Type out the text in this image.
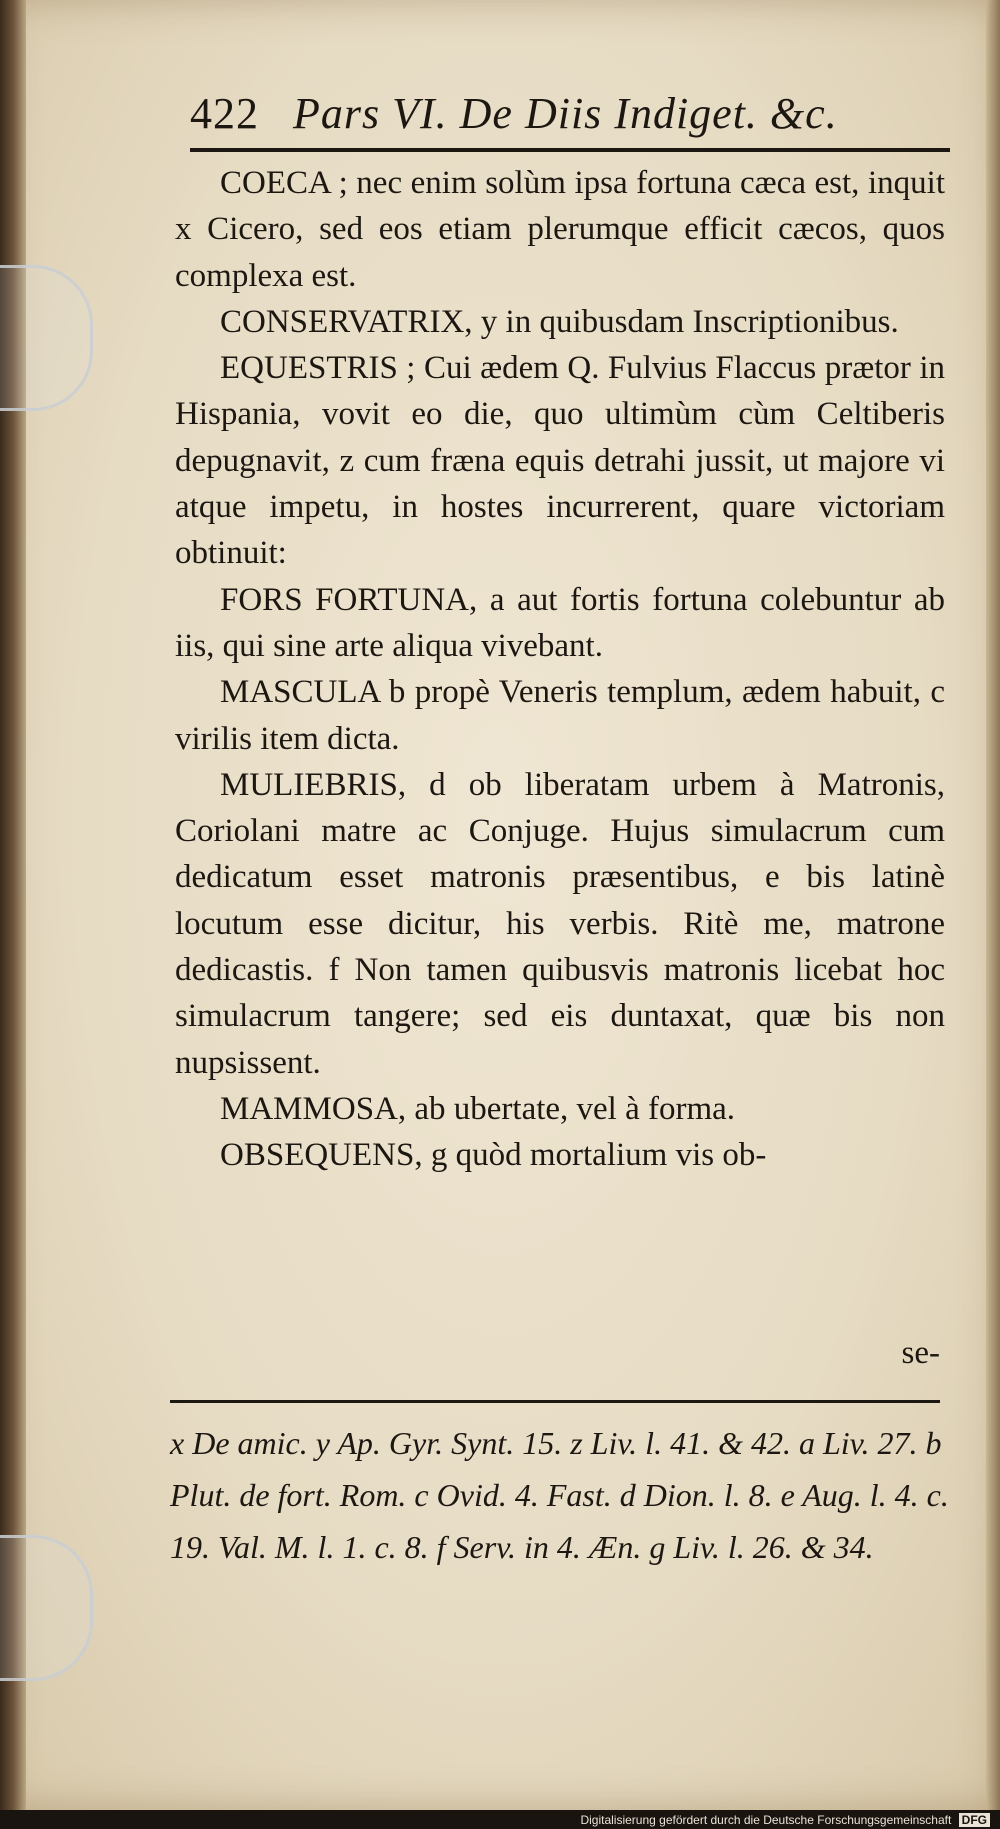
422 Pars VI. De Diis Indiget. &c.

COECA ; nec enim solùm ipsa fortuna cæca est, inquit x Cicero, sed eos etiam plerumque efficit cæcos, quos complexa est.

CONSERVATRIX, y in quibusdam Inscriptionibus.

EQUESTRIS ; Cui ædem Q. Fulvius Flaccus prætor in Hispania, vovit eo die, quo ultimùm cùm Celtiberis depugnavit, z cum fræna equis detrahi jussit, ut majore vi atque impetu, in hostes incurrerent, quare victoriam obtinuit:

FORS FORTUNA, a aut fortis fortuna colebuntur ab iis, qui sine arte aliqua vivebant.

MASCULA b propè Veneris templum, ædem habuit, c virilis item dicta.

MULIEBRIS, d ob liberatam urbem à Matronis, Coriolani matre ac Conjuge. Hujus simulacrum cum dedicatum esset matronis præsentibus, e bis latinè locutum esse dicitur, his verbis. Ritè me, matrone dedicastis. f Non tamen quibusvis matronis licebat hoc simulacrum tangere; sed eis duntaxat, quæ bis non nupsissent.

MAMMOSA, ab ubertate, vel à forma.

OBSEQUENS, g quòd mortalium vis ob-

se-
x De amic. y Ap. Gyr. Synt. 15. z Liv. l. 41. & 42. a Liv. 27. b Plut. de fort. Rom. c Ovid. 4. Fast. d Dion. l. 8. e Aug. l. 4. c. 19. Val. M. l. 1. c. 8. f Serv. in 4. Æn. g Liv. l. 26. & 34.
Digitalisierung gefördert durch die Deutsche Forschungsgemeinschaft DFG
